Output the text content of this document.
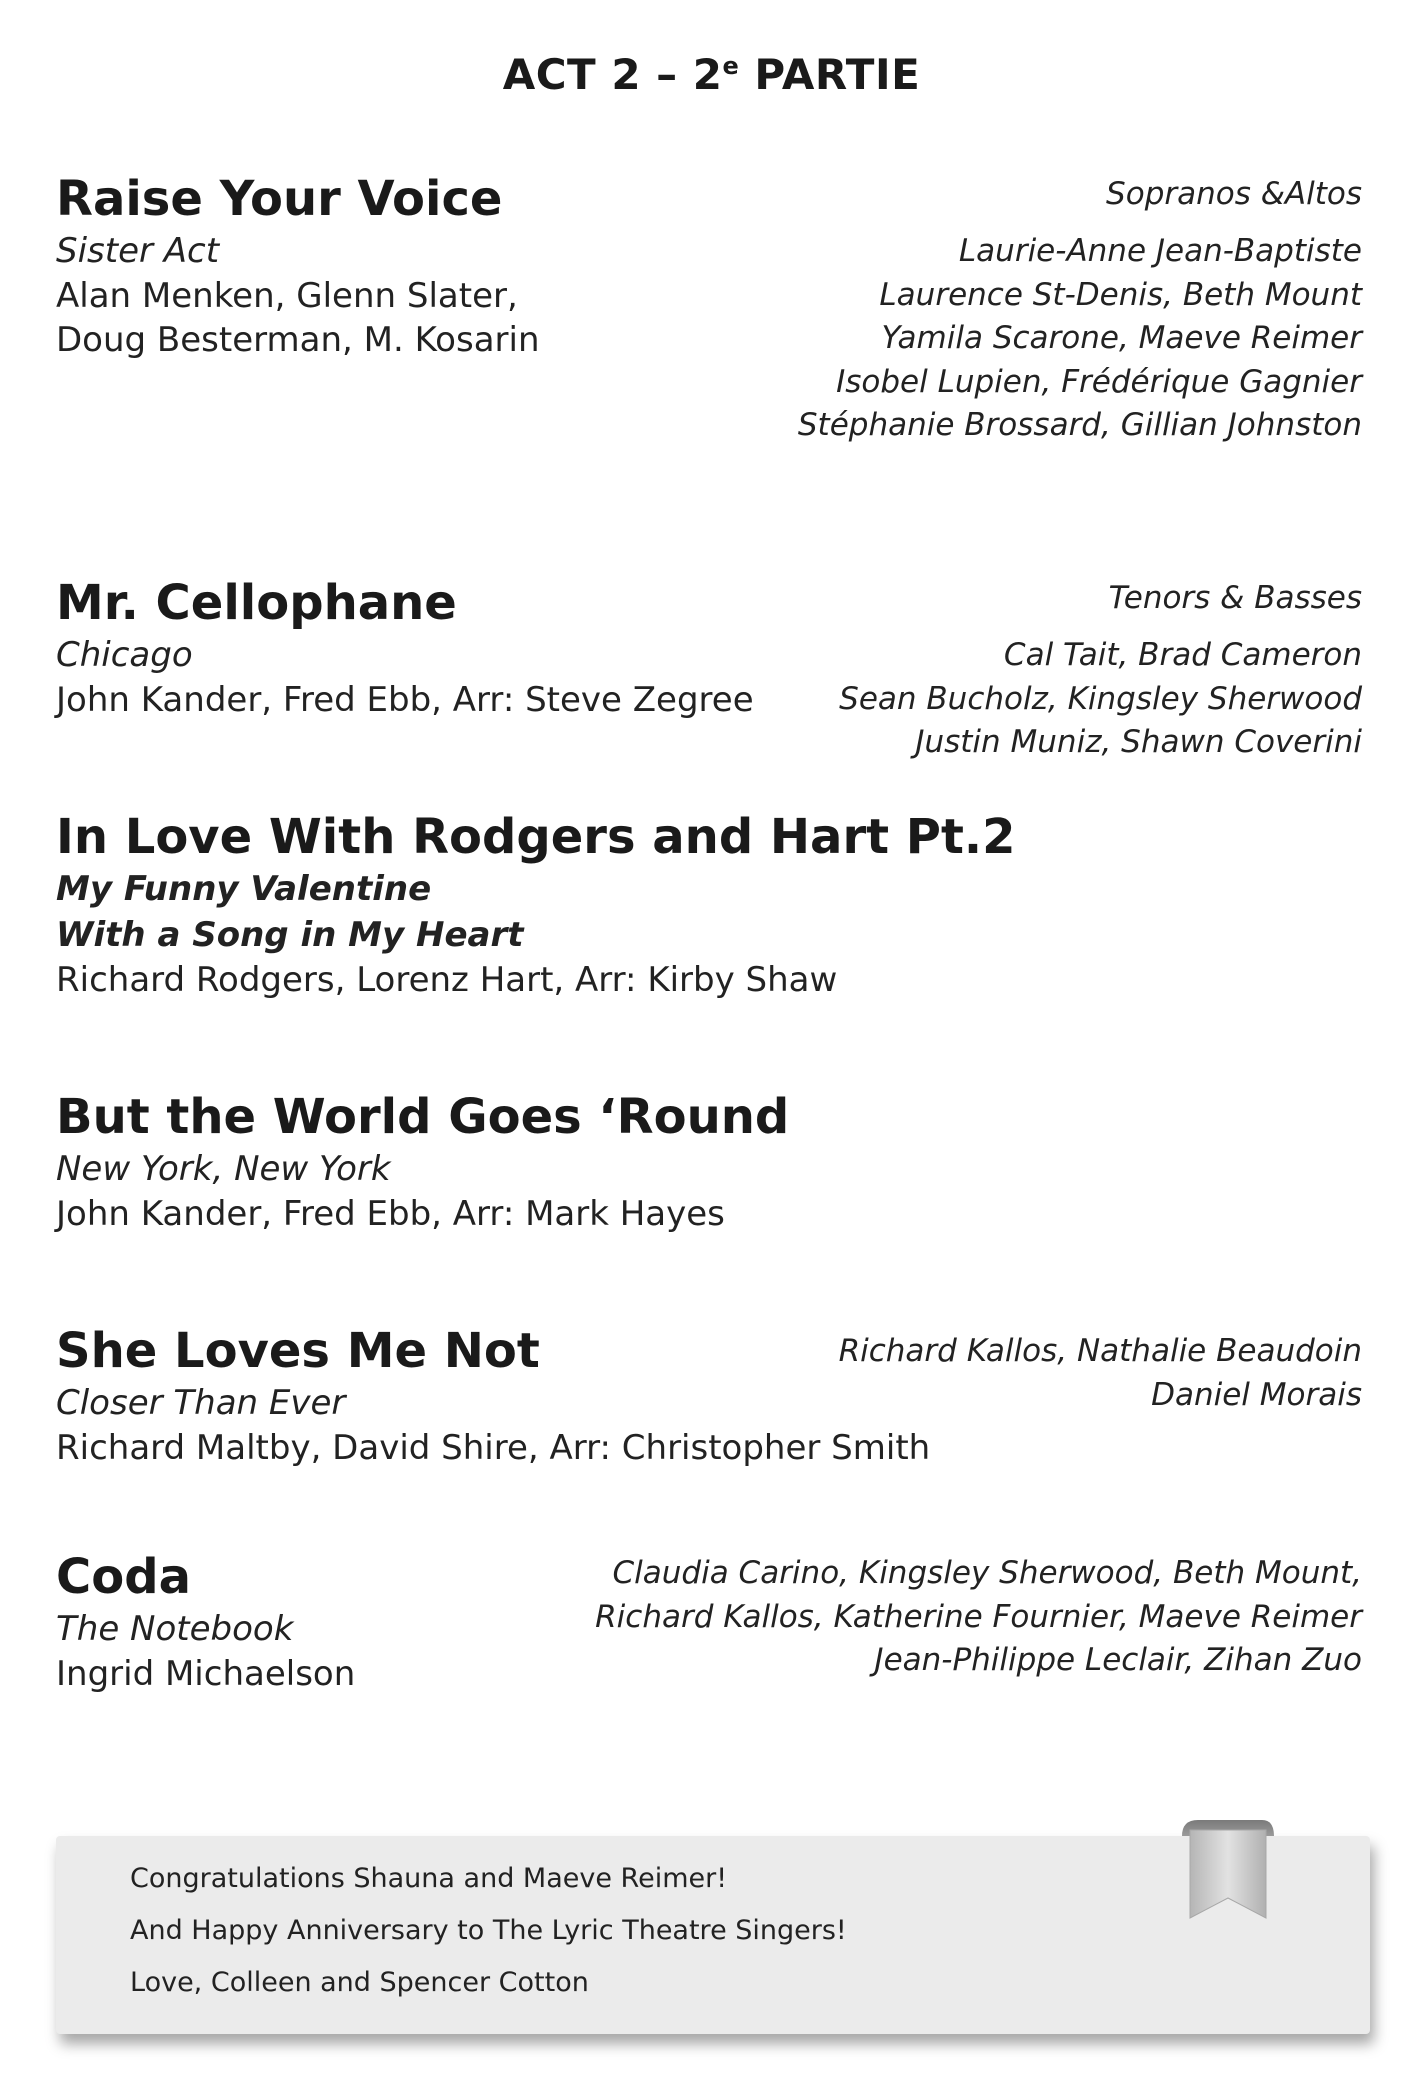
ACT 2 – 2e PARTIE
Raise Your Voice
Sister Act
Alan Menken, Glenn Slater,
Doug Besterman, M. Kosarin
Sopranos &Altos
Laurie-Anne Jean-Baptiste
Laurence St-Denis, Beth Mount
Yamila Scarone, Maeve Reimer
Isobel Lupien, Frédérique Gagnier
Stéphanie Brossard, Gillian Johnston
Mr. Cellophane
Chicago
John Kander, Fred Ebb, Arr: Steve Zegree
Tenors & Basses
Cal Tait, Brad Cameron
Sean Bucholz, Kingsley Sherwood
Justin Muniz, Shawn Coverini
In Love With Rodgers and Hart Pt.2
My Funny Valentine
With a Song in My Heart
Richard Rodgers, Lorenz Hart, Arr: Kirby Shaw
But the World Goes ‘Round
New York, New York
John Kander, Fred Ebb, Arr: Mark Hayes
She Loves Me Not
Closer Than Ever
Richard Maltby, David Shire, Arr: Christopher Smith
Richard Kallos, Nathalie Beaudoin
Daniel Morais
Coda
The Notebook
Ingrid Michaelson
Claudia Carino, Kingsley Sherwood, Beth Mount,
Richard Kallos, Katherine Fournier, Maeve Reimer
Jean-Philippe Leclair, Zihan Zuo
Congratulations Shauna and Maeve Reimer!
And Happy Anniversary to The Lyric Theatre Singers!
Love, Colleen and Spencer Cotton
